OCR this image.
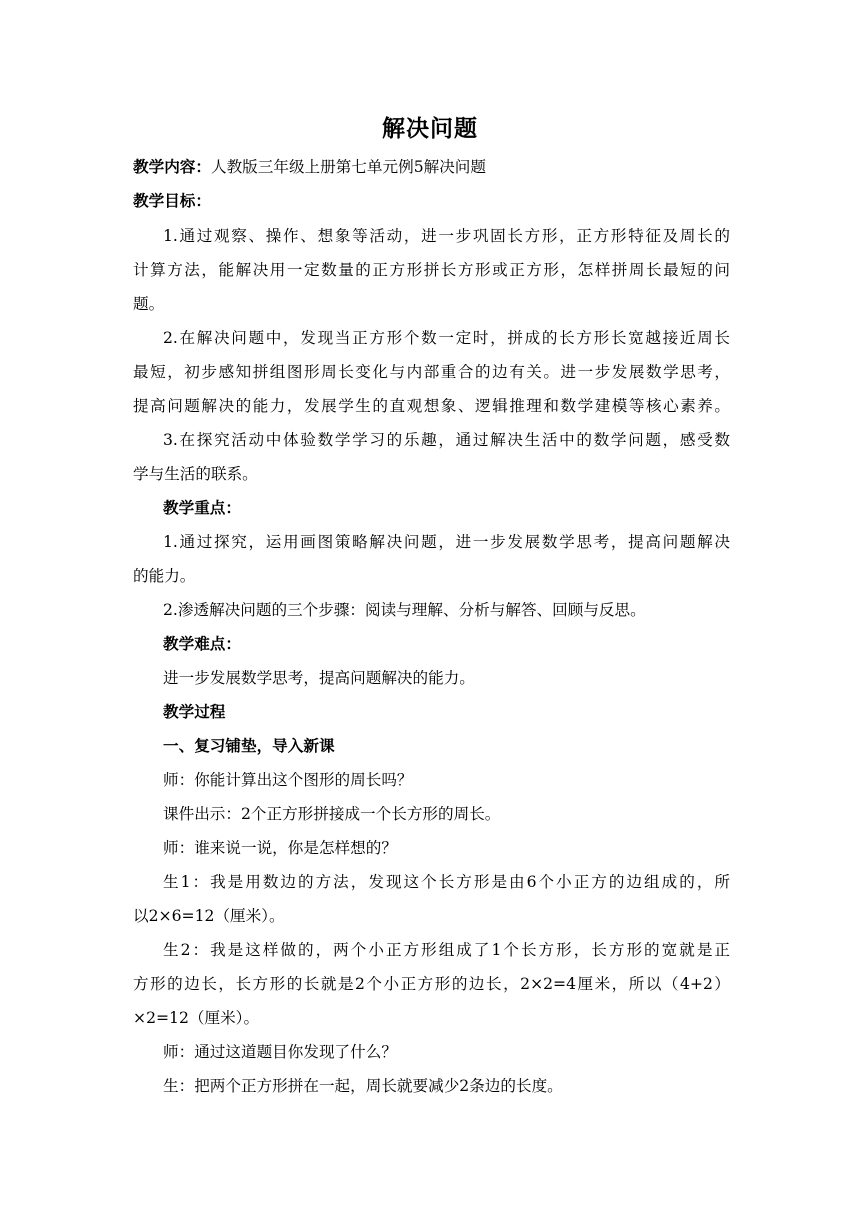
解决问题
教学内容：人教版三年级上册第七单元例5解决问题
教学目标：
1.通过观察、操作、想象等活动，进一步巩固长方形，正方形特征及周长的
计算方法，能解决用一定数量的正方形拼长方形或正方形，怎样拼周长最短的问
题。
2.在解决问题中，发现当正方形个数一定时，拼成的长方形长宽越接近周长
最短，初步感知拼组图形周长变化与内部重合的边有关。进一步发展数学思考，
提高问题解决的能力，发展学生的直观想象、逻辑推理和数学建模等核心素养。
3.在探究活动中体验数学学习的乐趣，通过解决生活中的数学问题，感受数
学与生活的联系。
教学重点：
1.通过探究，运用画图策略解决问题，进一步发展数学思考，提高问题解决
的能力。
2.渗透解决问题的三个步骤：阅读与理解、分析与解答、回顾与反思。
教学难点：
进一步发展数学思考，提高问题解决的能力。
教学过程
一、复习铺垫，导入新课
师：你能计算出这个图形的周长吗？
课件出示：2个正方形拼接成一个长方形的周长。
师：谁来说一说，你是怎样想的？
生1：我是用数边的方法，发现这个长方形是由6个小正方的边组成的，所
以2×6=12（厘米）。
生2：我是这样做的，两个小正方形组成了1个长方形，长方形的宽就是正
方形的边长，长方形的长就是2个小正方形的边长，2×2=4厘米，所以（4+2）
×2=12（厘米）。
师：通过这道题目你发现了什么？
生：把两个正方形拼在一起，周长就要减少2条边的长度。
